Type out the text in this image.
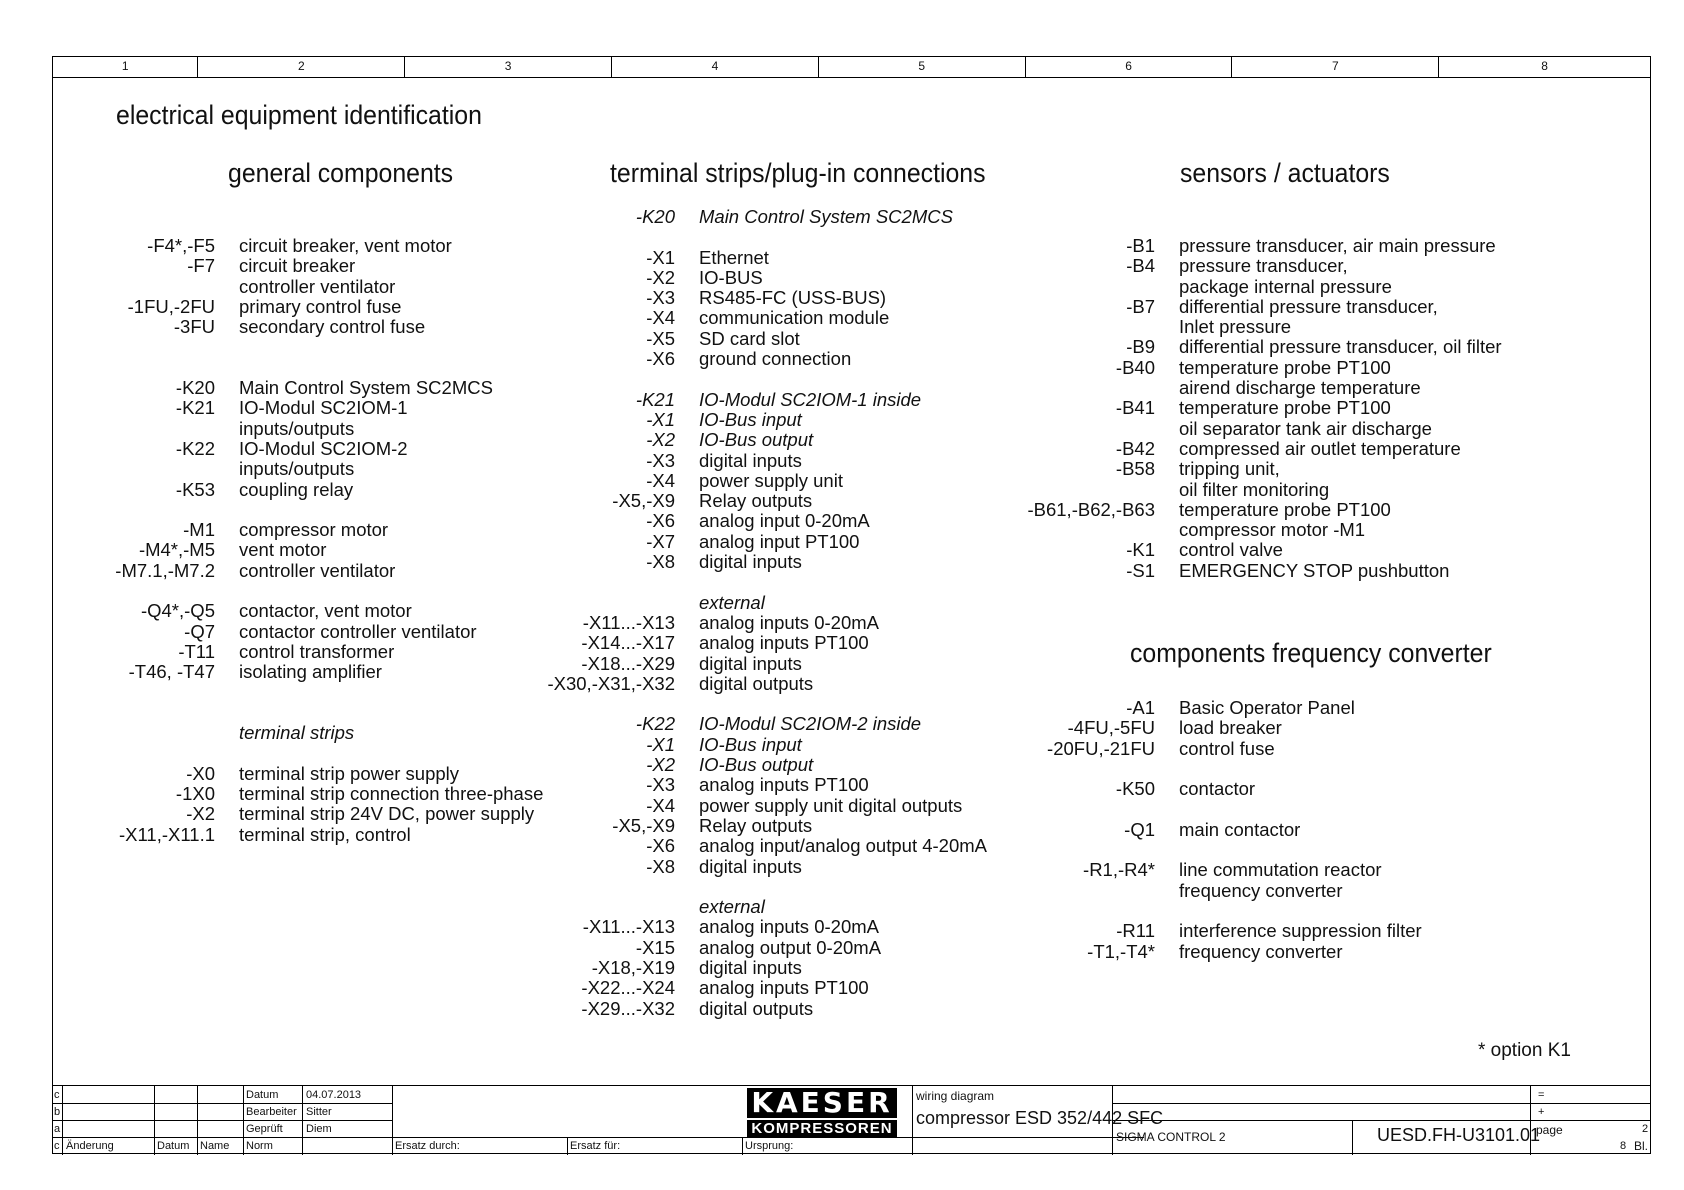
1	2	3	4	5	6	7	8
electrical equipment identification
general components	terminal strips/plug-in connections	sensors / actuators
components frequency converter
-F4*,-F5	circuit breaker, vent motor
-F7	circuit breaker
controller ventilator
-1FU,-2FU	primary control fuse
-3FU	secondary control fuse
-K20	Main Control System SC2MCS
-K21	IO-Modul SC2IOM-1
inputs/outputs
-K22	IO-Modul SC2IOM-2
inputs/outputs
-K53	coupling relay
-M1	compressor motor
-M4*,-M5	vent motor
-M7.1,-M7.2	controller ventilator
-Q4*,-Q5	contactor, vent motor
-Q7	contactor controller ventilator
-T11	control transformer
-T46, -T47	isolating amplifier
terminal strips
-X0	terminal strip power supply
-1X0	terminal strip connection three-phase
-X2	terminal strip 24V DC, power supply
-X11,-X11.1	terminal strip, control
-K20	Main Control System SC2MCS
-X1	Ethernet
-X2	IO-BUS
-X3	RS485-FC (USS-BUS)
-X4	communication module
-X5	SD card slot
-X6	ground connection
-K21	IO-Modul SC2IOM-1 inside
-X1	IO-Bus input
-X2	IO-Bus output
-X3	digital inputs
-X4	power supply unit
-X5,-X9	Relay outputs
-X6	analog input 0-20mA
-X7	analog input PT100
-X8	digital inputs
external
-X11...-X13	analog inputs 0-20mA
-X14...-X17	analog inputs PT100
-X18...-X29	digital inputs
-X30,-X31,-X32	digital outputs
-K22	IO-Modul SC2IOM-2 inside
-X1	IO-Bus input
-X2	IO-Bus output
-X3	analog inputs PT100
-X4	power supply unit digital outputs
-X5,-X9	Relay outputs
-X6	analog input/analog output 4-20mA
-X8	digital inputs
external
-X11...-X13	analog inputs 0-20mA
-X15	analog output 0-20mA
-X18,-X19	digital inputs
-X22...-X24	analog inputs PT100
-X29...-X32	digital outputs
-B1	pressure transducer, air main pressure
-B4	pressure transducer,
package internal pressure
-B7	differential pressure transducer,
Inlet pressure
-B9	differential pressure transducer, oil filter
-B40	temperature probe PT100
airend discharge temperature
-B41	temperature probe PT100
oil separator tank air discharge
-B42	compressed air outlet temperature
-B58	tripping unit,
oil filter monitoring
-B61,-B62,-B63	temperature probe PT100
compressor motor -M1
-K1	control valve
-S1	EMERGENCY STOP pushbutton
-A1	Basic Operator Panel
-4FU,-5FU	load breaker
-20FU,-21FU	control fuse
-K50	contactor
-Q1	main contactor
-R1,-R4*	line commutation reactor
frequency converter
-R11	interference suppression filter
-T1,-T4*	frequency converter
* option K1
c
b
a
c Änderung	Datum Name Norm
Datum	04.07.2013
Bearbeiter Sitter
Geprüft Diem
Ersatz durch:	Ersatz für:	Ursprung:
wiring diagram
compressor ESD 352/442 SFC
=
+
SIGMA CONTROL 2	UESD.FH-U3101.01
page	2
8 Bl.
KAESER
KOMPRESSOREN
